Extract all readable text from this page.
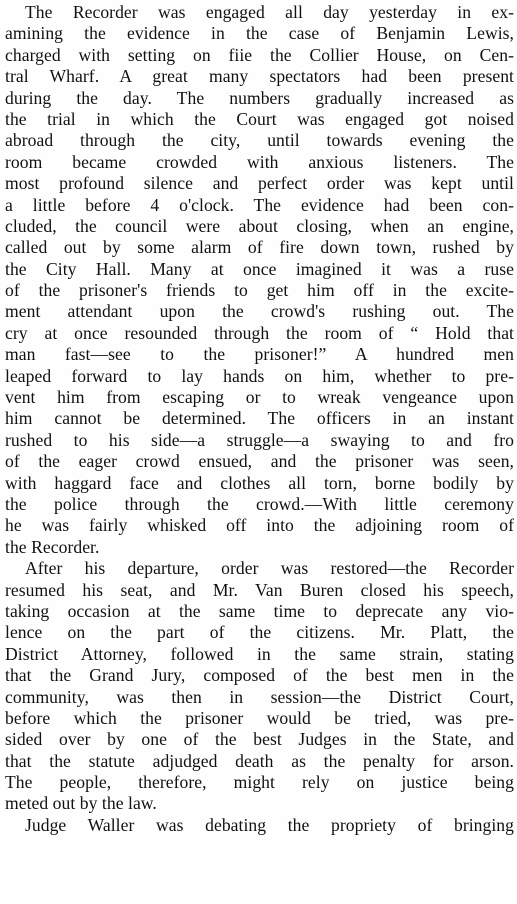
The Recorder was engaged all day yesterday in ex-
amining the evidence in the case of Benjamin Lewis,
charged with setting on fiie the Collier House, on Cen-
tral Wharf. A great many spectators had been present
during the day. The numbers gradually increased as
the trial in which the Court was engaged got noised
abroad through the city, until towards evening the
room became crowded with anxious listeners. The
most profound silence and perfect order was kept until
a little before 4 o'clock. The evidence had been con-
cluded, the council were about closing, when an engine,
called out by some alarm of fire down town, rushed by
the City Hall. Many at once imagined it was a ruse
of the prisoner's friends to get him off in the excite-
ment attendant upon the crowd's rushing out. The
cry at once resounded through the room of “ Hold that
man fast—see to the prisoner!” A hundred men
leaped forward to lay hands on him, whether to pre-
vent him from escaping or to wreak vengeance upon
him cannot be determined. The officers in an instant
rushed to his side—a struggle—a swaying to and fro
of the eager crowd ensued, and the prisoner was seen,
with haggard face and clothes all torn, borne bodily by
the police through the crowd.—With little ceremony
he was fairly whisked off into the adjoining room of
the Recorder.
After his departure, order was restored—the Recorder
resumed his seat, and Mr. Van Buren closed his speech,
taking occasion at the same time to deprecate any vio-
lence on the part of the citizens. Mr. Platt, the
District Attorney, followed in the same strain, stating
that the Grand Jury, composed of the best men in the
community, was then in session—the District Court,
before which the prisoner would be tried, was pre-
sided over by one of the best Judges in the State, and
that the statute adjudged death as the penalty for arson.
The people, therefore, might rely on justice being
meted out by the law.
Judge Waller was debating the propriety of bringing
